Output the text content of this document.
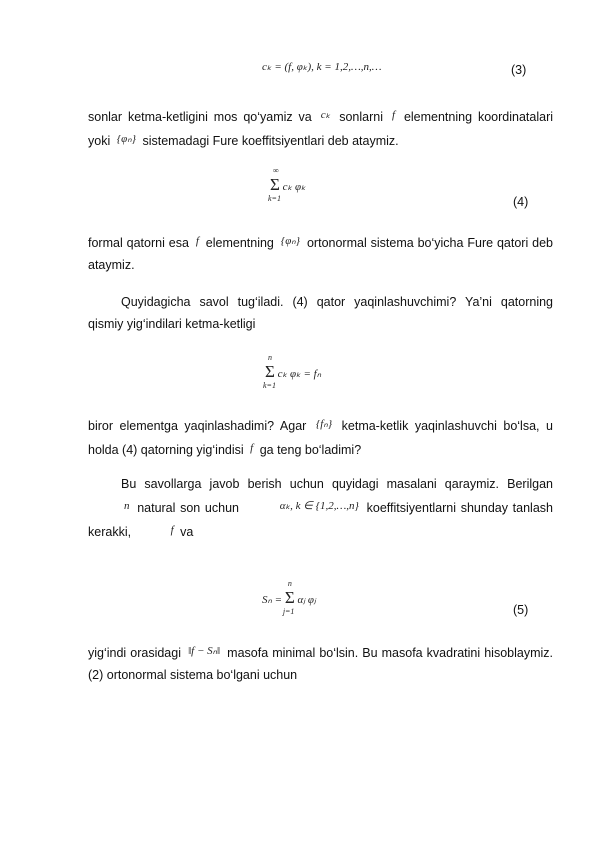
cₖ = (f, φₖ), k = 1,2,…,n,…	(3)
sonlar ketma-ketligini mos qo‘yamiz va cₖ sonlarni f elementning koordinatalari yoki {φₙ} sistemadagi Fure koeffitsiyentlari deb ataymiz.
Σ
∞
k=1
cₖ φₖ
(4)
formal qatorni esa f elementning {φₙ} ortonormal sistema bo‘yicha Fure qatori deb ataymiz.
Quyidagicha savol tug‘iladi. (4) qator yaqinlashuvchimi? Ya’ni qatorning qismiy yig‘indilari ketma-ketligi
Σ
n
k=1
cₖ φₖ = fₙ
biror elementga yaqinlashadimi? Agar {fₙ} ketma-ketlik yaqinlashuvchi bo‘lsa, u holda (4) qatorning yig‘indisi f ga teng bo‘ladimi?
Bu savollarga javob berish uchun quyidagi masalani qaraymiz. Berilgan n natural son uchun	αₖ, k ∈ {1,2,…,n} koeffitsiyentlarni shunday tanlash kerakki,	f va
Sₙ = Σ
n
j=1
αⱼ φⱼ
(5)
yig‘indi orasidagi ‖f − Sₙ‖ masofa minimal bo‘lsin. Bu masofa kvadratini hisoblaymiz. (2) ortonormal sistema bo‘lgani uchun
